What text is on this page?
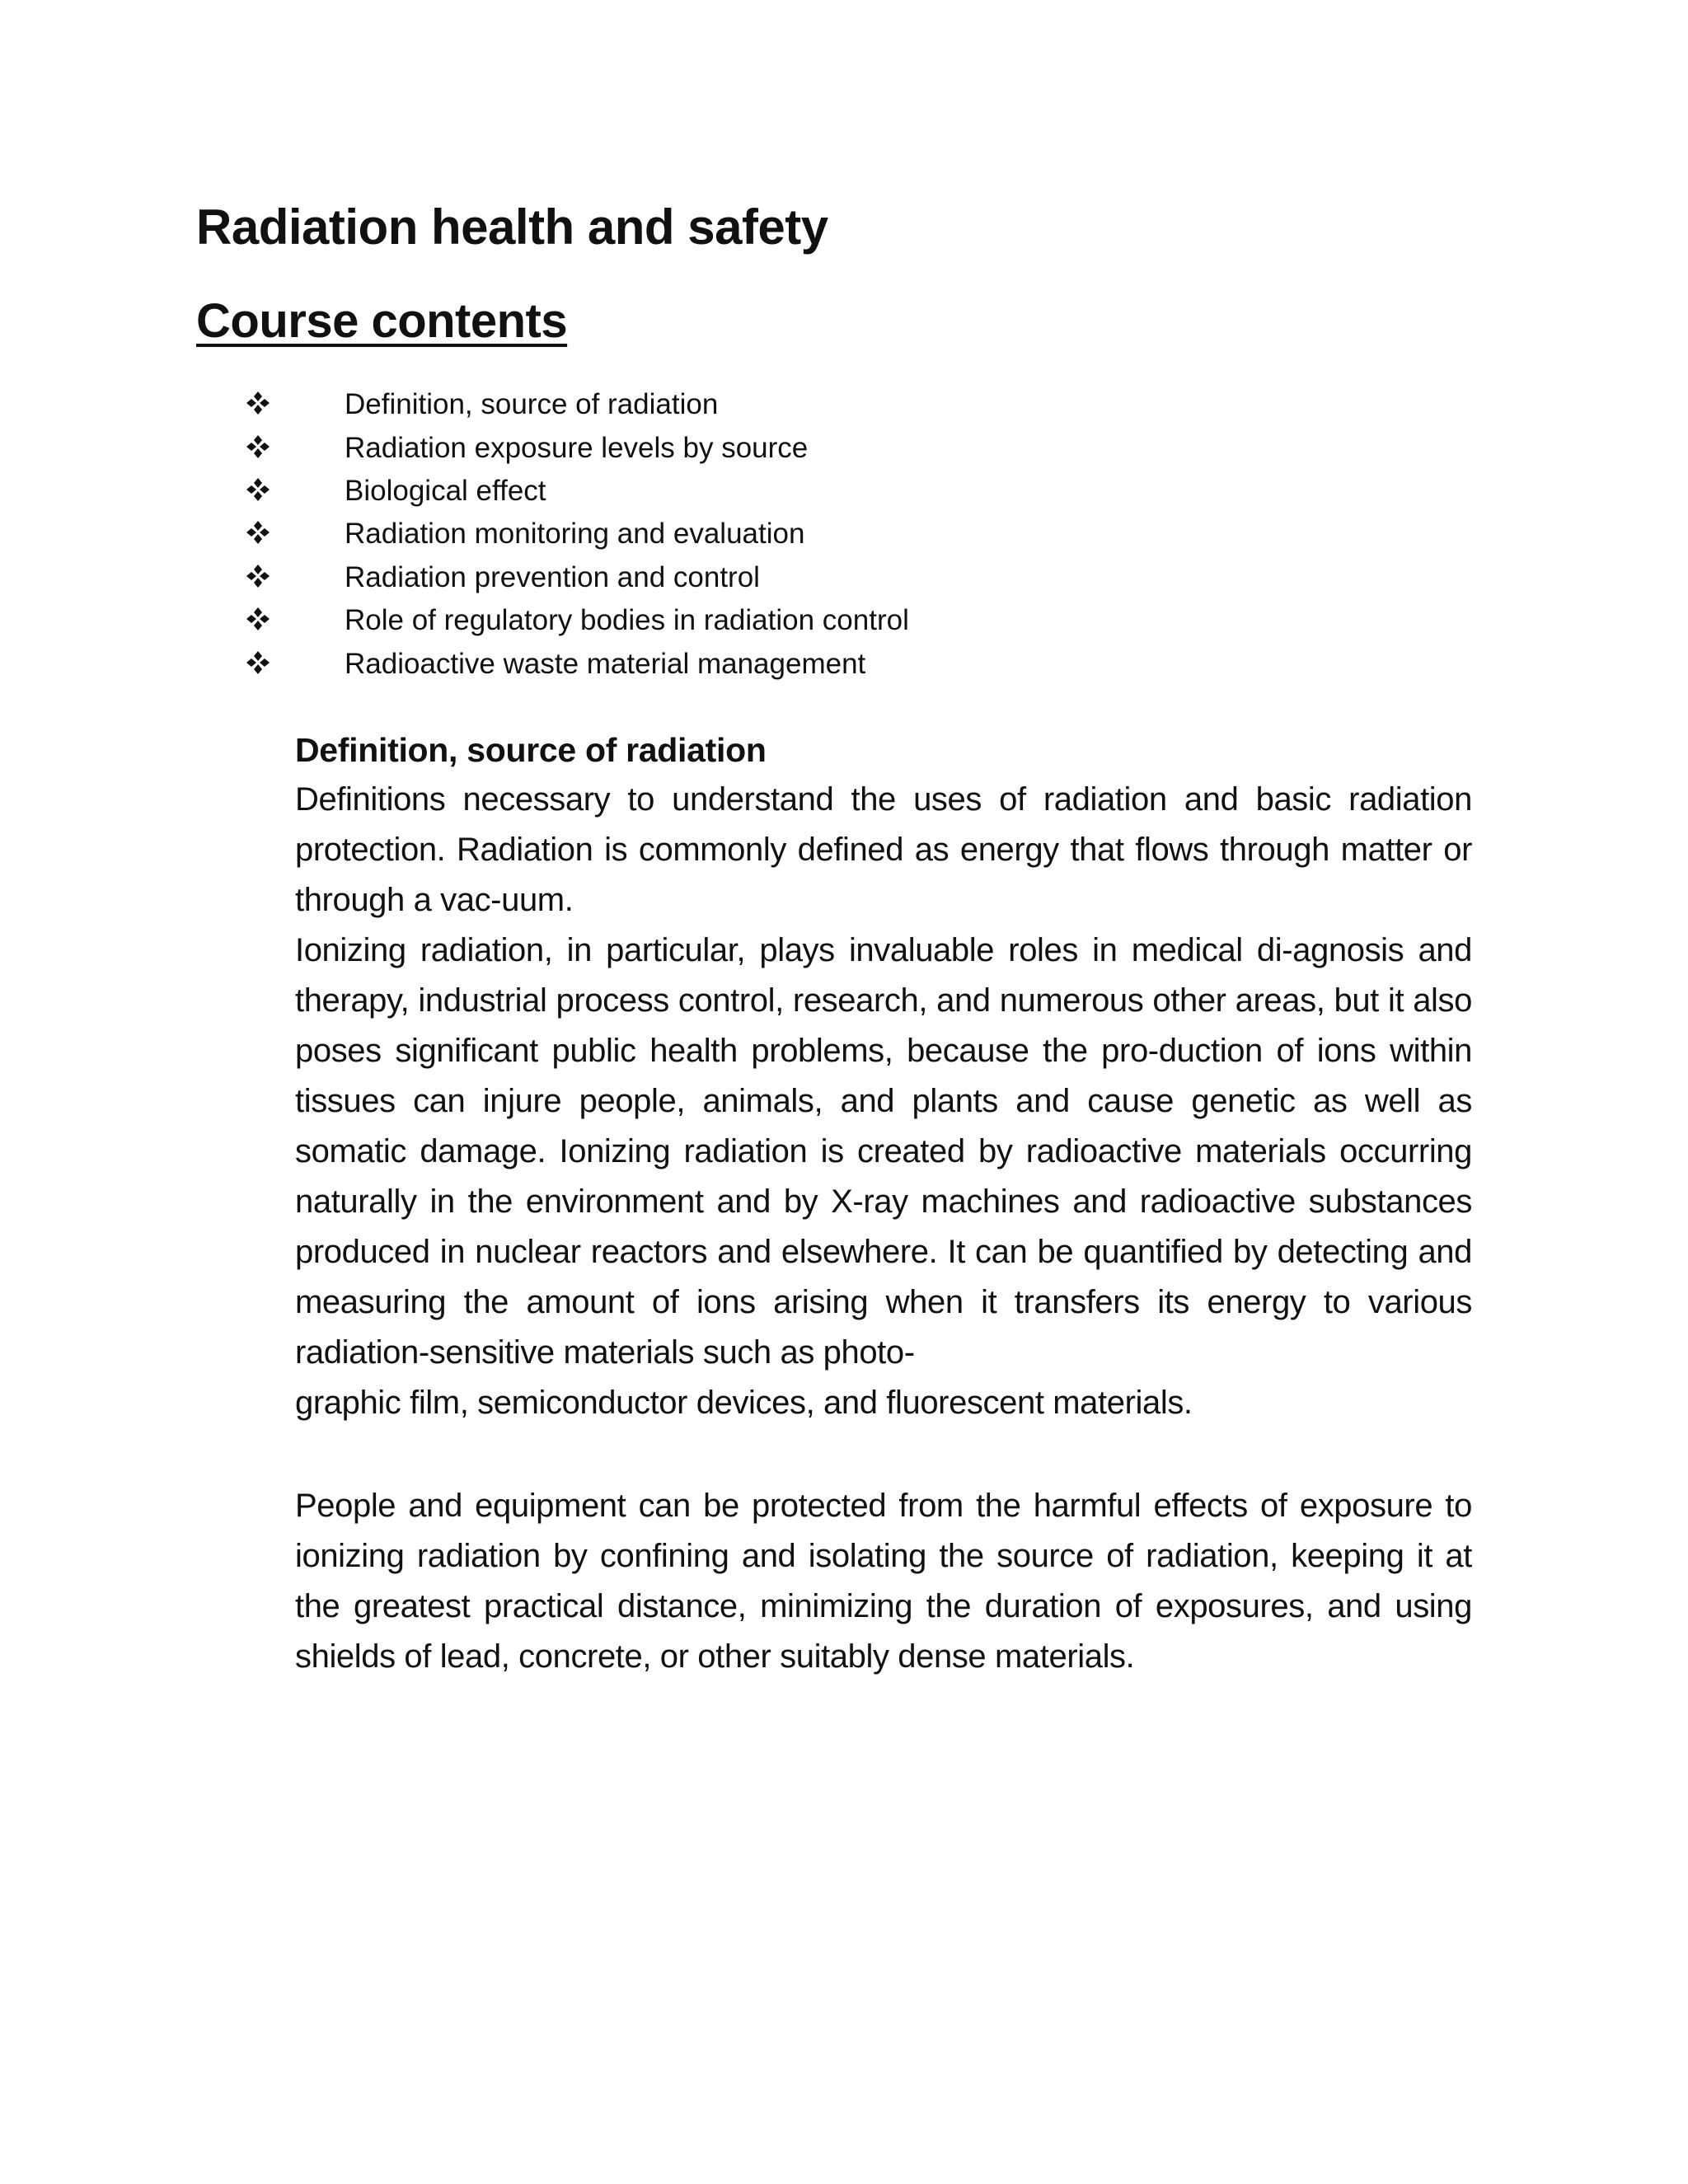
Radiation health and safety
Course contents
Definition, source of radiation
Radiation exposure levels by source
Biological effect
Radiation monitoring and evaluation
Radiation prevention and control
Role of regulatory bodies in radiation control
Radioactive waste material management
Definition, source of radiation

Definitions necessary to understand the uses of radiation and basic radiation protection. Radiation is commonly defined as energy that flows through matter or through a vac-uum.

Ionizing radiation, in particular, plays invaluable roles in medical di-agnosis and therapy, industrial process control, research, and numerous other areas, but it also poses significant public health problems, because the pro-duction of ions within tissues can injure people, animals, and plants and cause genetic as well as somatic damage. Ionizing radiation is created by radioactive materials occurring naturally in the environment and by X-ray machines and radioactive substances produced in nuclear reactors and elsewhere. It can be quantified by detecting and measuring the amount of ions arising when it transfers its energy to various radiation-sensitive materials such as photo-

graphic film, semiconductor devices, and fluorescent materials.

People and equipment can be protected from the harmful effects of exposure to ionizing radiation by confining and isolating the source of radiation, keeping it at the greatest practical distance, minimizing the duration of exposures, and using shields of lead, concrete, or other suitably dense materials.
